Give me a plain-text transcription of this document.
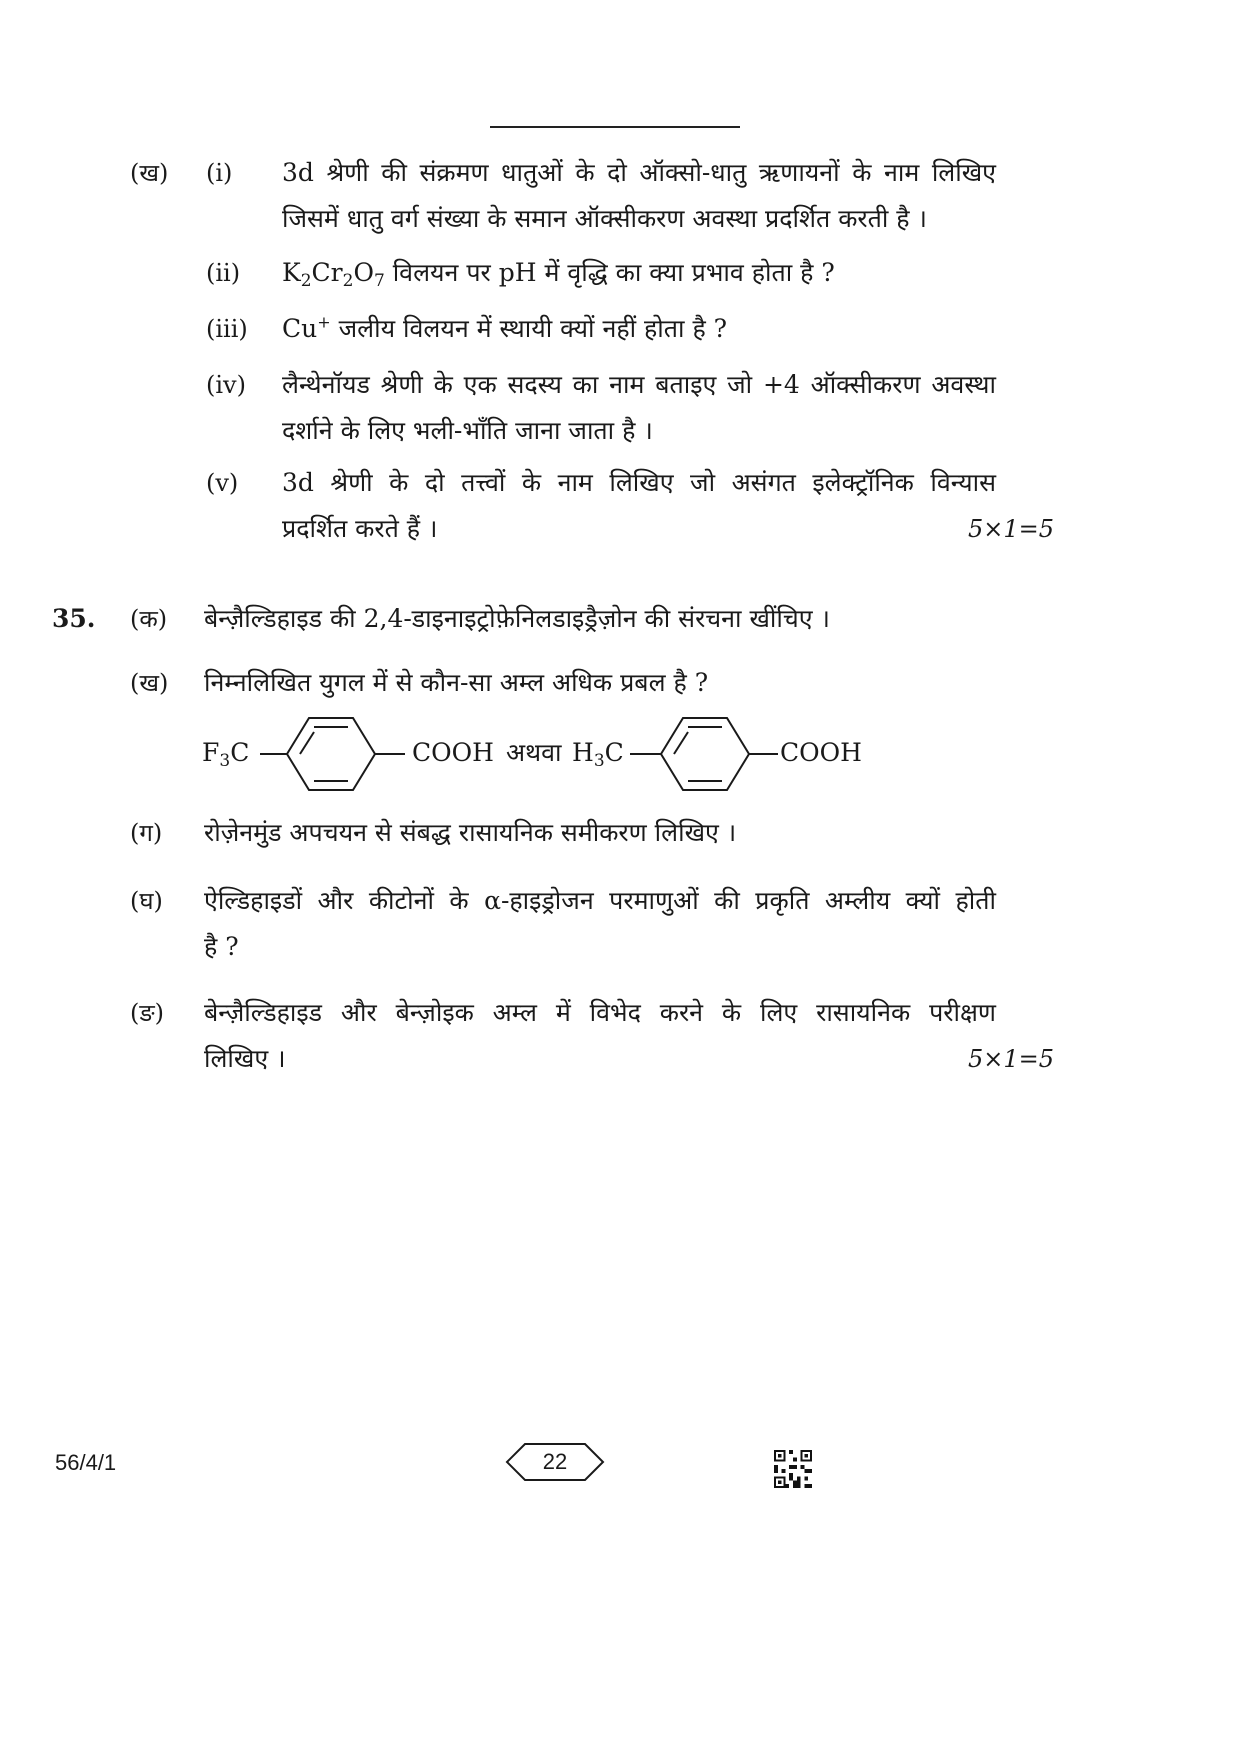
(ख) (i) 3d श्रेणी की संक्रमण धातुओं के दो ऑक्सो-धातु ऋणायनों के नाम लिखिए
जिसमें धातु वर्ग संख्या के समान ऑक्सीकरण अवस्था प्रदर्शित करती है ।
(ii) $K_2Cr_2O_7$ विलयन पर pH में वृद्धि का क्या प्रभाव होता है ?
(iii) Cu+ जलीय विलयन में स्थायी क्यों नहीं होता है ?
(iv) लैन्थेनॉयड श्रेणी के एक सदस्य का नाम बताइए जो +4 ऑक्सीकरण अवस्था
दर्शाने के लिए भली-भाँति जाना जाता है ।
(v) 3d श्रेणी के दो तत्त्वों के नाम लिखिए जो असंगत इलेक्ट्रॉनिक विन्यास
प्रदर्शित करते हैं ।	5×1=5
35. (क) बेन्ज़ैल्डिहाइड की 2,4-डाइनाइट्रोफ़ेनिलडाइड्रैज़ोन की संरचना खींचिए ।
(ख) निम्नलिखित युगल में से कौन-सा अम्ल अधिक प्रबल है ?
$F_3C$	COOH अथवा $H_3C$	COOH
(ग) रोज़ेनमुंड अपचयन से संबद्ध रासायनिक समीकरण लिखिए ।
(घ) ऐल्डिहाइडों और कीटोनों के α-हाइड्रोजन परमाणुओं की प्रकृति अम्लीय क्यों होती
है ?
(ङ) बेन्ज़ैल्डिहाइड और बेन्ज़ोइक अम्ल में विभेद करने के लिए रासायनिक परीक्षण
लिखिए ।	5×1=5
56/4/1	22
